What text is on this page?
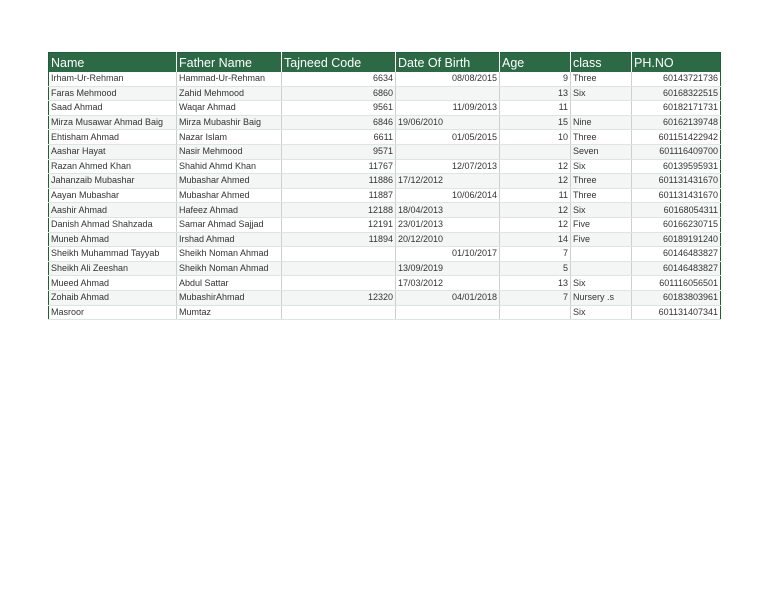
Name	Father Name	Tajneed Code	Date Of Birth	Age	class	PH.NO
Irham-Ur-Rehman	Hammad-Ur-Rehman	6634	08/08/2015	9	Three	60143721736
Faras Mehmood	Zahid Mehmood	6860		13	Six	60168322515
Saad Ahmad	Waqar Ahmad	9561	11/09/2013	11		60182171731
Mirza Musawar Ahmad Baig	Mirza Mubashir Baig	6846	19/06/2010	15	Nine	60162139748
Ehtisham Ahmad	Nazar Islam	6611	01/05/2015	10	Three	601151422942
Aashar Hayat	Nasir Mehmood	9571			Seven	601116409700
Razan Ahmed Khan	Shahid Ahmd Khan	11767	12/07/2013	12	Six	60139595931
Jahanzaib Mubashar	Mubashar Ahmed	11886	17/12/2012	12	Three	601131431670
Aayan Mubashar	Mubashar Ahmed	11887	10/06/2014	11	Three	601131431670
Aashir Ahmad	Hafeez Ahmad	12188	18/04/2013	12	Six	60168054311
Danish Ahmad Shahzada	Samar Ahmad Sajjad	12191	23/01/2013	12	Five	60166230715
Muneb Ahmad	Irshad Ahmad	11894	20/12/2010	14	Five	60189191240
Sheikh Muhammad Tayyab	Sheikh Noman Ahmad		01/10/2017	7		60146483827
Sheikh Ali Zeeshan	Sheikh Noman Ahmad		13/09/2019	5		60146483827
Mueed Ahmad	Abdul Sattar		17/03/2012	13	Six	601116056501
Zohaib Ahmad	MubashirAhmad	12320	04/01/2018	7	Nursery .s	60183803961
Masroor	Mumtaz				Six	601131407341
